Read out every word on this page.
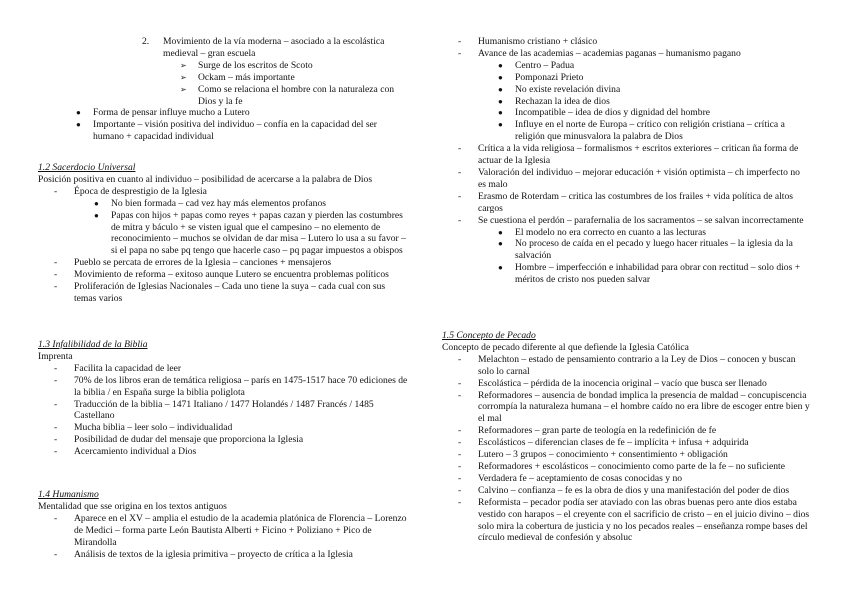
2. Movimiento de la vía moderna – asociado a la escolástica medieval – gran escuela

➢ Surge de los escritos de Scoto

➢ Ockam – más importante

➢ Como se relaciona el hombre con la naturaleza con Dios y la fe

● Forma de pensar influye mucho a Lutero

● Importante – visión positiva del individuo – confía en la capacidad del ser humano + capacidad individual

1.2 Sacerdocio Universal

Posición positiva en cuanto al individuo – posibilidad de acercarse a la palabra de Dios

- Época de desprestigio de la Iglesia

● No bien formada – cad vez hay más elementos profanos

● Papas con hijos + papas como reyes + papas cazan y pierden las costumbres de mitra y báculo + se visten igual que el campesino – no elemento de reconocimiento – muchos se olvidan de dar misa – Lutero lo usa a su favor – si el papa no sabe pq tengo que hacerle caso – pq pagar impuestos a obispos

- Pueblo se percata de errores de la Iglesia – canciones + mensajeros

- Movimiento de reforma – exitoso aunque Lutero se encuentra problemas políticos

- Proliferación de Iglesias Nacionales – Cada uno tiene la suya – cada cual con sus temas varios

1.3 Infalibilidad de la Biblia

Imprenta

- Facilita la capacidad de leer

- 70% de los libros eran de temática religiosa – parís en 1475-1517 hace 70 ediciones de la biblia / en España surge la biblia poliglota

- Traducción de la biblia – 1471 Italiano / 1477 Holandés / 1487 Francés / 1485 Castellano

- Mucha biblia – leer solo – individualidad

- Posibilidad de dudar del mensaje que proporciona la Iglesia

- Acercamiento individual a Dios

1.4 Humanismo

Mentalidad que sse origina en los textos antiguos

- Aparece en el XV – amplia el estudio de la academia platónica de Florencia – Lorenzo de Medici – forma parte León Bautista Alberti + Ficino + Poliziano + Pico de Mirandolla

- Análisis de textos de la iglesia primitiva – proyecto de crítica a la Iglesia

- Humanismo cristiano + clásico

- Avance de las academias – academias paganas – humanismo pagano

● Centro – Padua

● Pomponazi Prieto

● No existe revelación divina

● Rechazan la idea de dios

● Incompatible – idea de dios y dignidad del hombre

● Influye en el norte de Europa – crítico con religión cristiana – crítica a religión que minusvalora la palabra de Dios

- Crítica a la vida religiosa – formalismos + escritos exteriores – critican ña forma de actuar de la Iglesia

- Valoración del individuo – mejorar educación + visión optimista – ch imperfecto no es malo

- Erasmo de Roterdam – critica las costumbres de los frailes + vida política de altos cargos

- Se cuestiona el perdón – parafernalia de los sacramentos – se salvan incorrectamente

● El modelo no era correcto en cuanto a las lecturas

● No proceso de caída en el pecado y luego hacer rituales – la iglesia da la salvación

● Hombre – imperfección e inhabilidad para obrar con rectitud – solo dios + méritos de cristo nos pueden salvar

1.5 Concepto de Pecado

Concepto de pecado diferente al que defiende la Iglesia Católica

- Melachton – estado de pensamiento contrario a la Ley de Dios – conocen y buscan solo lo carnal

- Escolástica – pérdida de la inocencia original – vacío que busca ser llenado

- Reformadores – ausencia de bondad implica la presencia de maldad – concupiscencia corrompía la naturaleza humana – el hombre caído no era libre de escoger entre bien y el mal

- Reformadores – gran parte de teología en la redefinición de fe

- Escolásticos – diferencian clases de fe – implícita + infusa + adquirida

- Lutero – 3 grupos – conocimiento + consentimiento + obligación

- Reformadores + escolásticos – conocimiento como parte de la fe – no suficiente

- Verdadera fe – aceptamiento de cosas conocidas y no

- Calvino – confianza – fe es la obra de dios y una manifestación del poder de dios

- Reformista – pecador podía ser ataviado con las obras buenas pero ante dios estaba vestido con harapos – el creyente con el sacrificio de cristo – en el juicio divino – dios solo mira la cobertura de justicia y no los pecados reales – enseñanza rompe bases del círculo medieval de confesión y absoluc
